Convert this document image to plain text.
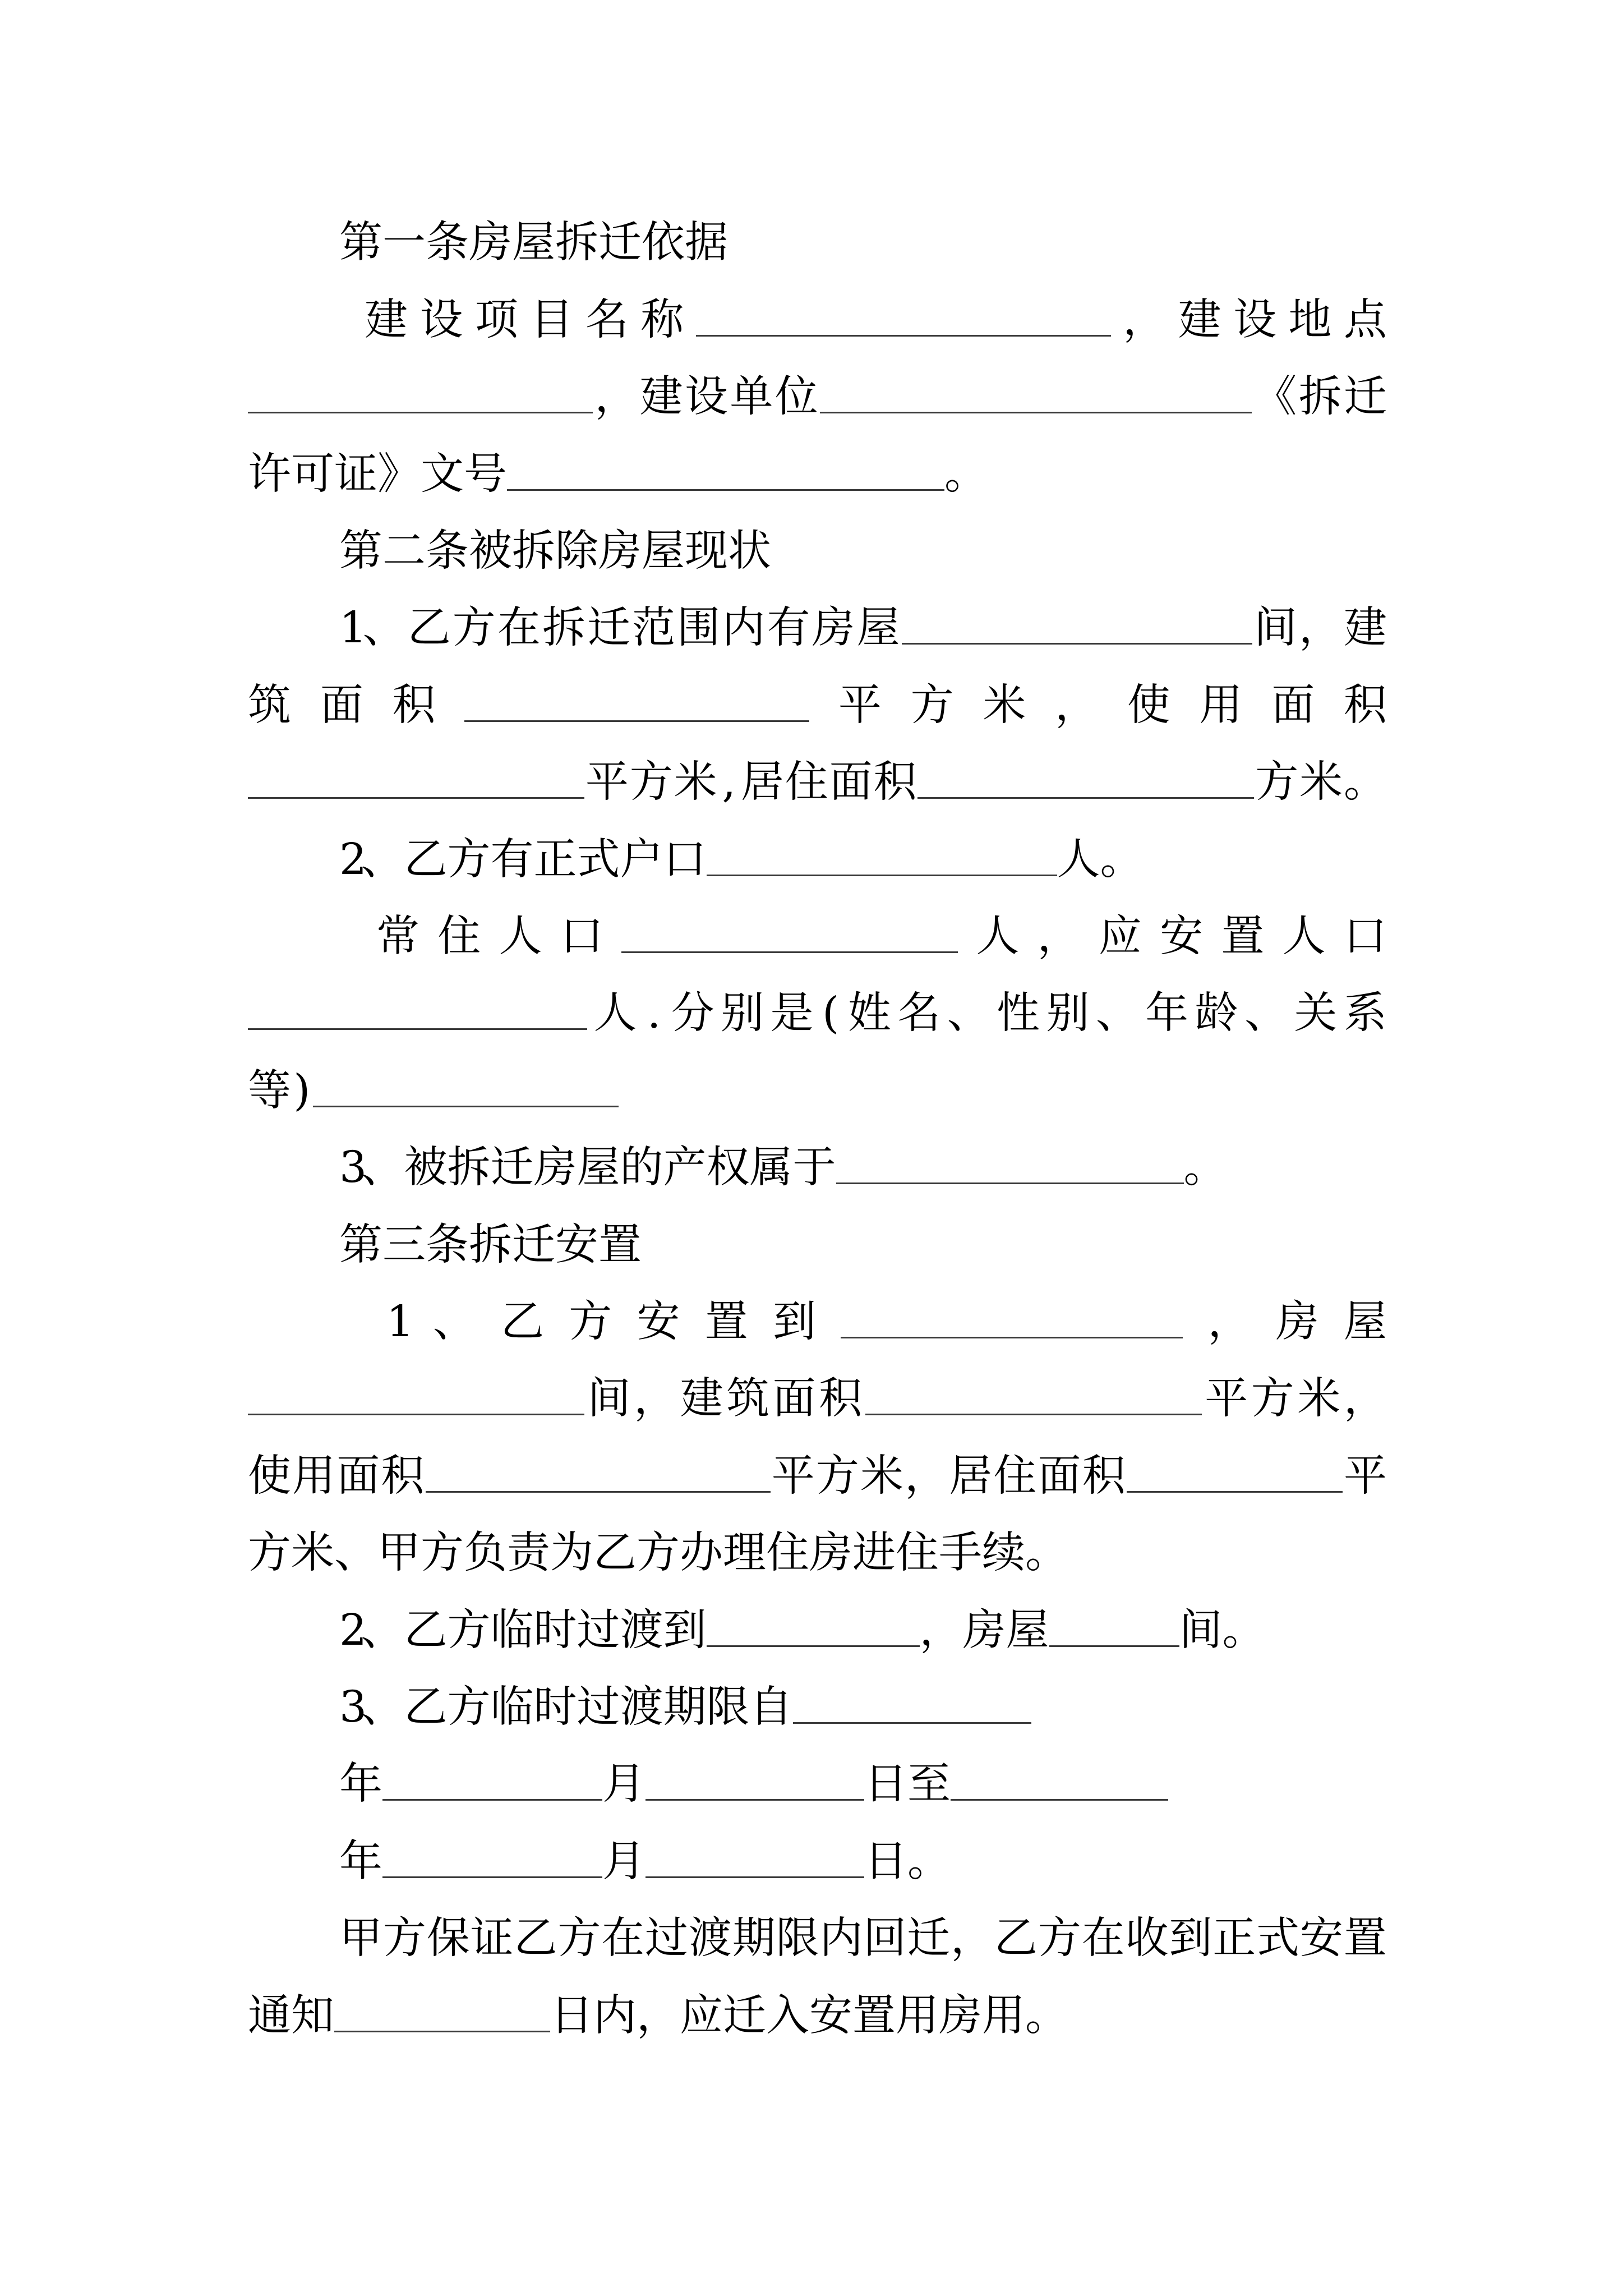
第 一 条 房 屋 拆 迁 依 据
建 设 项 目 名 称	， 建 设 地 点
， 建 设 单 位	《 拆 迁
许 可 证 》 文 号	。
第 二 条 被 拆 除 房 屋 现 状
1
、 乙 方 在 拆 迁 范 围 内 有 房 屋	间 ， 建
筑 面 积	平 方 米 ， 使 用 面 积
平 方 米 , 居 住 面 积	方 米 。
2
、 乙 方 有 正 式 户 口	人 。
常 住 人 口	人 ， 应 安 置 人 口
人 . 分 别 是 ( 姓 名 、 性 别 、 年 龄 、 关 系
等 )
3
、 被 拆 迁 房 屋 的 产 权 属 于	。
第 三 条 拆 迁 安 置
1 、 乙 方 安 置 到	， 房 屋
间 ， 建 筑 面 积	平 方 米 ，
使 用 面 积	平 方 米 ， 居 住 面 积	平
方 米 、 甲 方 负 责 为 乙 方 办 理 住 房 进 住 手 续 。
2
、 乙 方 临 时 过 渡 到	， 房 屋	间 。
3
、 乙 方 临 时 过 渡 期 限 自
年	月	日 至
年	月	日 。
甲 方 保 证 乙 方 在 过 渡 期 限 内 回 迁 ， 乙 方 在 收 到 正 式 安 置
通 知	日 内 ， 应 迁 入 安 置 用 房 用 。
